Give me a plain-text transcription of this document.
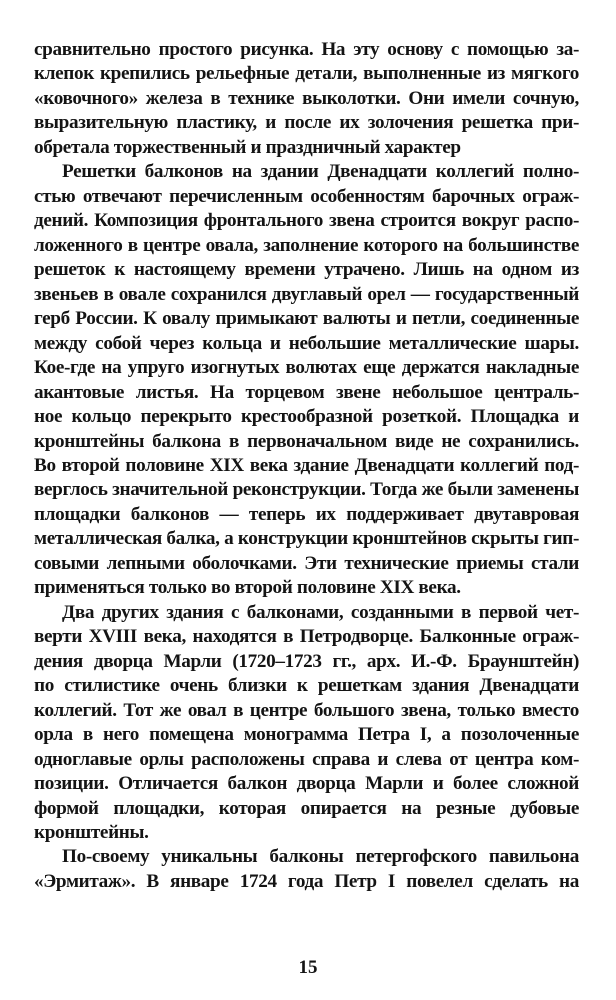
сравнительно простого рисунка. На эту основу с помощью за-
клепок крепились рельефные детали, выполненные из мягкого
«ковочного» железа в технике выколотки. Они имели сочную,
выразительную пластику, и после их золочения решетка при-
обретала торжественный и праздничный характер
Решетки балконов на здании Двенадцати коллегий полно-
стью отвечают перечисленным особенностям барочных ограж-
дений. Композиция фронтального звена строится вокруг распо-
ложенного в центре овала, заполнение которого на большинстве
решеток к настоящему времени утрачено. Лишь на одном из
звеньев в овале сохранился двуглавый орел — государственный
герб России. К овалу примыкают валюты и петли, соединенные
между собой через кольца и небольшие металлические шары.
Кое-где на упруго изогнутых волютах еще держатся накладные
акантовые листья. На торцевом звене небольшое централь-
ное кольцо перекрыто крестообразной розеткой. Площадка и
кронштейны балкона в первоначальном виде не сохранились.
Во второй половине XIX века здание Двенадцати коллегий под-
верглось значительной реконструкции. Тогда же были заменены
площадки балконов — теперь их поддерживает двутавровая
металлическая балка, а конструкции кронштейнов скрыты гип-
совыми лепными оболочками. Эти технические приемы стали
применяться только во второй половине XIX века.
Два других здания с балконами, созданными в первой чет-
верти XVIII века, находятся в Петродворце. Балконные ограж-
дения дворца Марли (1720–1723 гг., арх. И.-Ф. Браунштейн)
по стилистике очень близки к решеткам здания Двенадцати
коллегий. Тот же овал в центре большого звена, только вместо
орла в него помещена монограмма Петра I, а позолоченные
одноглавые орлы расположены справа и слева от центра ком-
позиции. Отличается балкон дворца Марли и более сложной
формой площадки, которая опирается на резные дубовые
кронштейны.
По-своему уникальны балконы петергофского павильона
«Эрмитаж». В январе 1724 года Петр I повелел сделать на
15
